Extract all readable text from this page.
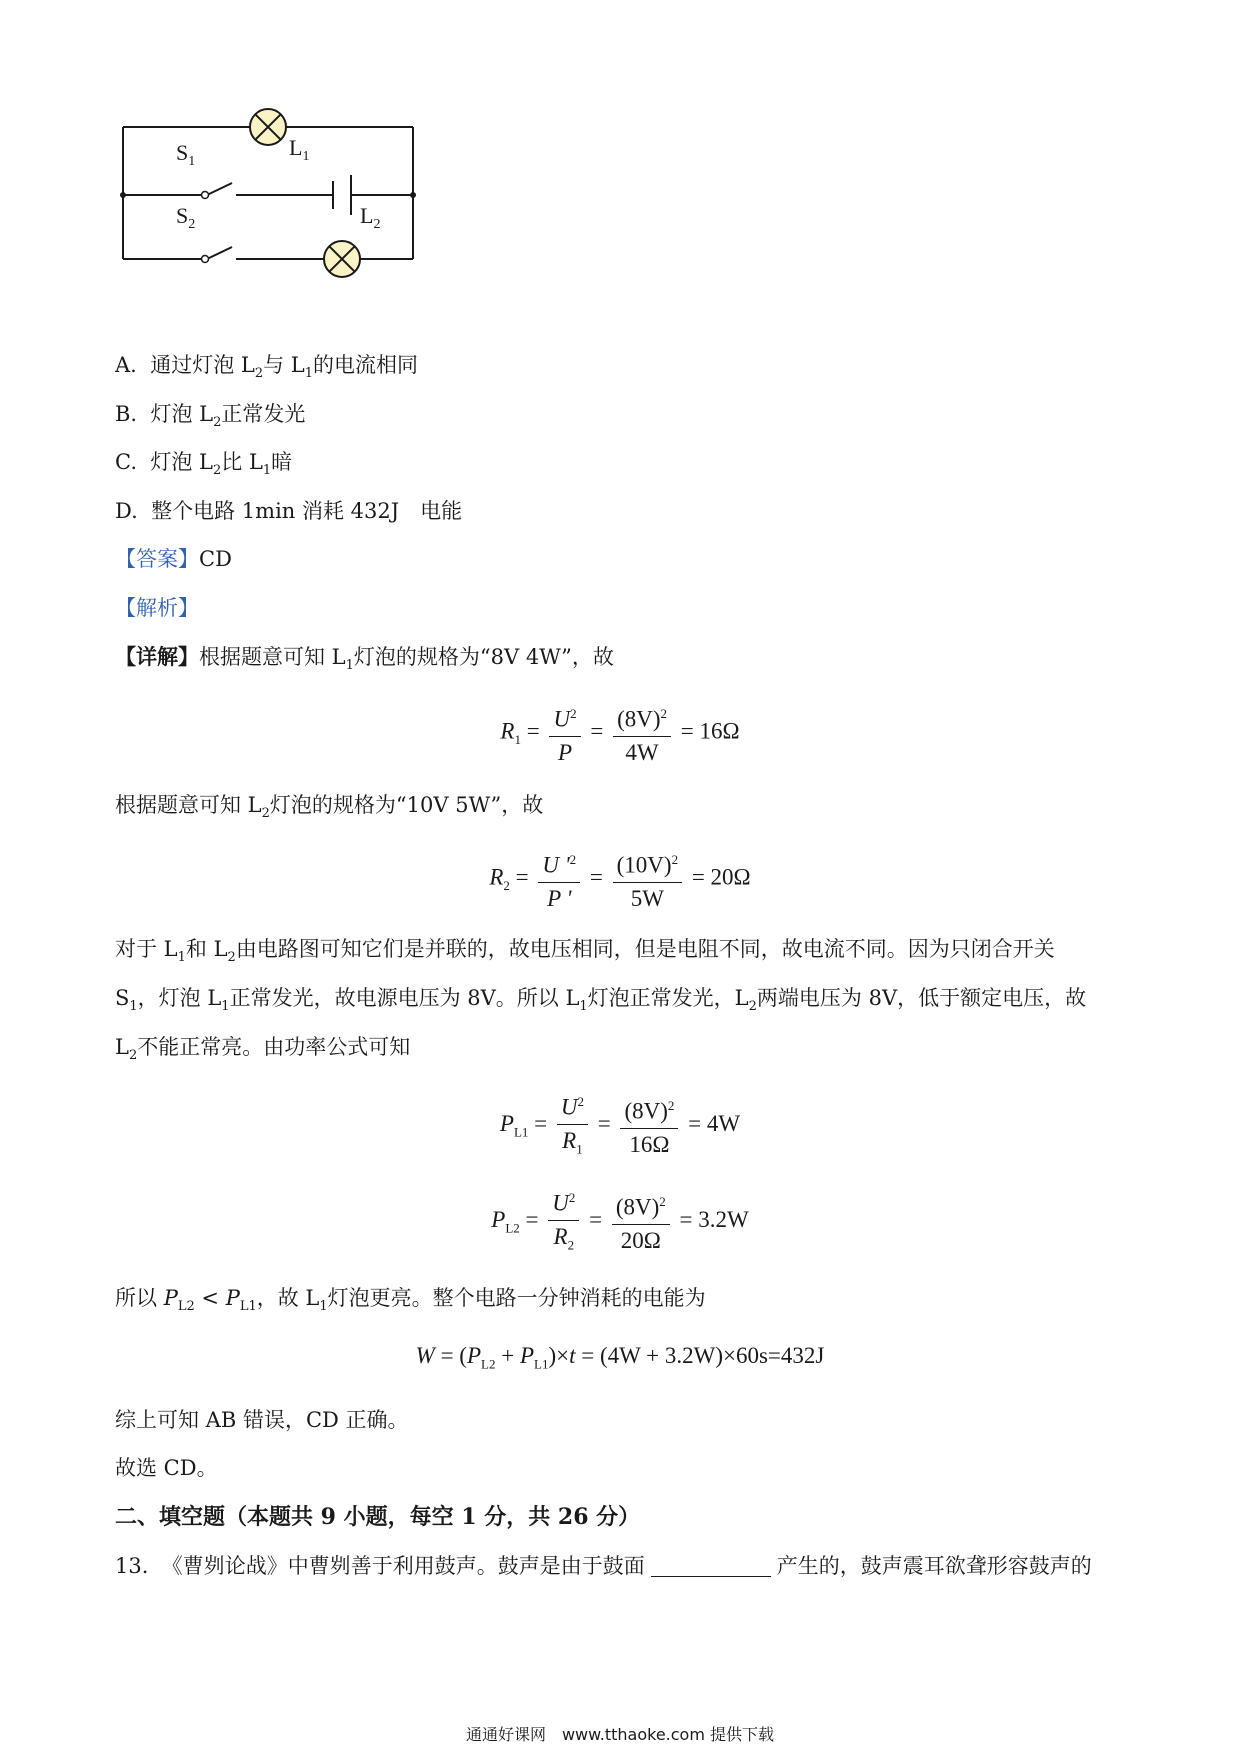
$L_1$
$S_1$
$S_2$	$L_2$
A. 通过灯泡 $L_2$与 $L_1$的电流相同
B. 灯泡 $L_2$正常发光
C. 灯泡 $L_2$比 $L_1$暗
D. 整个电路 1min 消耗 432J　电能
【答案】CD
【解析】
【详解】根据题意可知 $L_1$灯泡的规格为“8V 4W”，故
$R_1 = \frac{U^2}{P} = \frac{(8V)^2}{4W} = 16\Omega$
根据题意可知 $L_2$灯泡的规格为“10V 5W”，故
$R_2 = \frac{U '^2}{P '} = \frac{(10V)^2}{5W} = 20\Omega$
对于 $L_1$和 $L_2$由电路图可知它们是并联的，故电压相同，但是电阻不同，故电流不同。因为只闭合开关
$S_1$，灯泡 $L_1$正常发光，故电源电压为 8V。所以 $L_1$灯泡正常发光，$L_2$两端电压为 8V，低于额定电压，故
$L_2$不能正常亮。由功率公式可知
$P_{L1} = \frac{U^2}{R_1} = \frac{(8V)^2}{16\Omega} = 4W$
$P_{L2} = \frac{U^2}{R_2} = \frac{(8V)^2}{20\Omega} = 3.2W$
所以 $P_{L2} < P_{L1}$，故 $L_1$灯泡更亮。整个电路一分钟消耗的电能为
$W = (P_{L2} + P_{L1})\times t = (4W + 3.2W)\times 60s=432J$
综上可知 AB 错误，CD 正确。
故选 CD。
二、填空题（本题共 9 小题，每空 1 分，共 26 分）
13. 《曹刿论战》中曹刿善于利用鼓声。鼓声是由于鼓面	产生的，鼓声震耳欲聋形容鼓声的
通通好课网　www.tthaoke.com 提供下载
